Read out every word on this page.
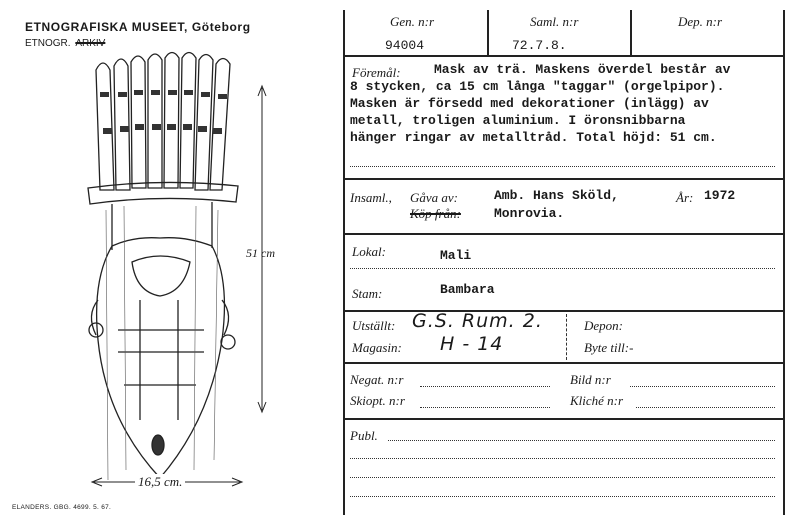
ETNOGRAFISKA MUSEET, Göteborg
ETNOGR. ARKIV
51 cm
16,5 cm.
ELANDERS. GBG. 4699. 5. 67.
Gen. n:r	Saml. n:r	Dep. n:r
94004	72.7.8.
Föremål:	Mask av trä. Maskens överdel består av
8 stycken, ca 15 cm långa "taggar" (orgelpipor).
Masken är försedd med dekorationer (inlägg) av
metall, troligen aluminium. I öronsnibbarna
hänger ringar av metalltråd. Total höjd: 51 cm.
Insaml., Gåva av:
Köp från:
Amb. Hans Sköld,	År: 1972
Monrovia.
Lokal:	Mali
Stam:	Bambara
Utställt: G.S. Rum. 2.
Magasin: H - 14
Depon:
Byte till:-
Negat. n:r
Skiopt. n:r
Bild n:r
Kliché n:r
Publ.
